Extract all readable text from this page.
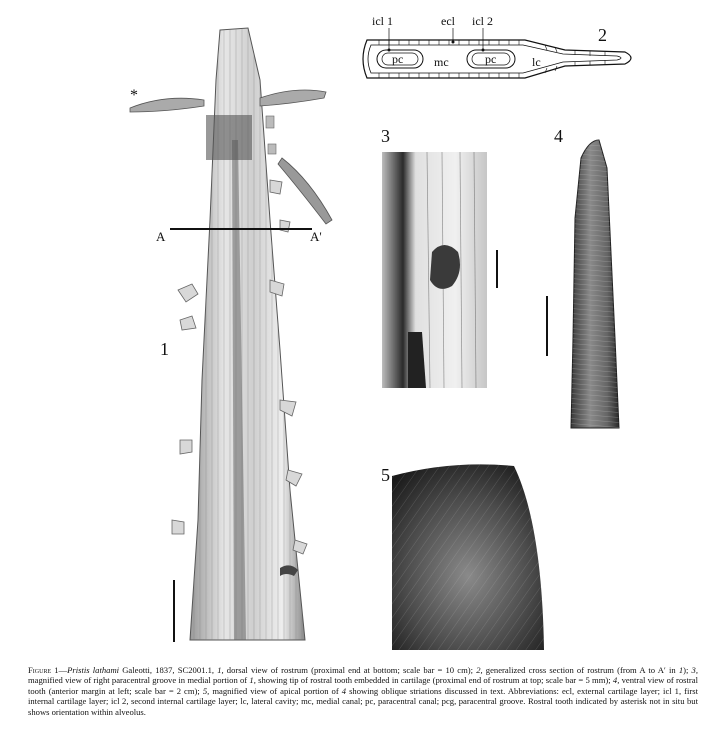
*
A	A'
1
2
icl 1	ecl icl 2
pc	mc	pc	lc
3	4
5
Figure 1—Pristis lathami Galeotti, 1837, SC2001.1, 1, dorsal view of rostrum (proximal end at bottom; scale bar = 10 cm); 2, generalized cross section of rostrum (from A to A′ in 1); 3, magnified view of right paracentral groove in medial portion of 1, showing tip of rostral tooth embedded in cartilage (proximal end of rostrum at top; scale bar = 5 mm); 4, ventral view of rostral tooth (anterior margin at left; scale bar = 2 cm); 5, magnified view of apical portion of 4 showing oblique striations discussed in text. Abbreviations: ecl, external cartilage layer; icl 1, first internal cartilage layer; icl 2, second internal cartilage layer; lc, lateral cavity; mc, medial canal; pc, paracentral canal; pcg, paracentral groove. Rostral tooth indicated by asterisk not in situ but shows orientation within alveolus.
